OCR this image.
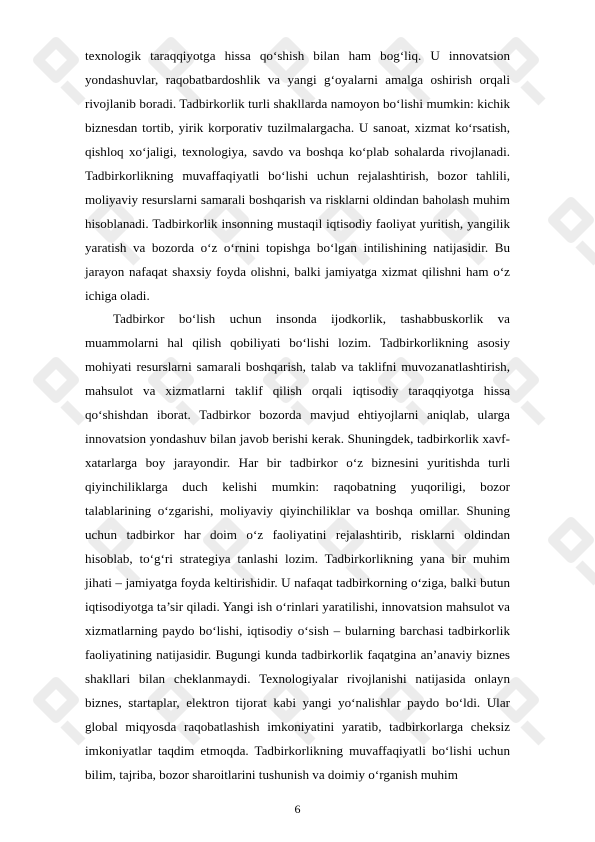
texnologik taraqqiyotga hissa qo‘shish bilan ham bog‘liq. U innovatsion yondashuvlar, raqobatbardoshlik va yangi g‘oyalarni amalga oshirish orqali rivojlanib boradi. Tadbirkorlik turli shakllarda namoyon bo‘lishi mumkin: kichik biznesdan tortib, yirik korporativ tuzilmalargacha. U sanoat, xizmat ko‘rsatish, qishloq xo‘jaligi, texnologiya, savdo va boshqa ko‘plab sohalarda rivojlanadi. Tadbirkorlikning muvaffaqiyatli bo‘lishi uchun rejalashtirish, bozor tahlili, moliyaviy resurslarni samarali boshqarish va risklarni oldindan baholash muhim hisoblanadi. Tadbirkorlik insonning mustaqil iqtisodiy faoliyat yuritish, yangilik yaratish va bozorda o‘z o‘rnini topishga bo‘lgan intilishining natijasidir. Bu jarayon nafaqat shaxsiy foyda olishni, balki jamiyatga xizmat qilishni ham o‘z ichiga oladi.

Tadbirkor bo‘lish uchun insonda ijodkorlik, tashabbuskorlik va muammolarni hal qilish qobiliyati bo‘lishi lozim. Tadbirkorlikning asosiy mohiyati resurslarni samarali boshqarish, talab va taklifni muvozanatlashtirish, mahsulot va xizmatlarni taklif qilish orqali iqtisodiy taraqqiyotga hissa qo‘shishdan iborat. Tadbirkor bozorda mavjud ehtiyojlarni aniqlab, ularga innovatsion yondashuv bilan javob berishi kerak. Shuningdek, tadbirkorlik xavf-xatarlarga boy jarayondir. Har bir tadbirkor o‘z biznesini yuritishda turli qiyinchiliklarga duch kelishi mumkin: raqobatning yuqoriligi, bozor talablarining o‘zgarishi, moliyaviy qiyinchiliklar va boshqa omillar. Shuning uchun tadbirkor har doim o‘z faoliyatini rejalashtirib, risklarni oldindan hisoblab, to‘g‘ri strategiya tanlashi lozim. Tadbirkorlikning yana bir muhim jihati – jamiyatga foyda keltirishidir. U nafaqat tadbirkorning o‘ziga, balki butun iqtisodiyotga ta’sir qiladi. Yangi ish o‘rinlari yaratilishi, innovatsion mahsulot va xizmatlarning paydo bo‘lishi, iqtisodiy o‘sish – bularning barchasi tadbirkorlik faoliyatining natijasidir. Bugungi kunda tadbirkorlik faqatgina an’anaviy biznes shakllari bilan cheklanmaydi. Texnologiyalar rivojlanishi natijasida onlayn biznes, startaplar, elektron tijorat kabi yangi yo‘nalishlar paydo bo‘ldi. Ular global miqyosda raqobatlashish imkoniyatini yaratib, tadbirkorlarga cheksiz imkoniyatlar taqdim etmoqda. Tadbirkorlikning muvaffaqiyatli bo‘lishi uchun bilim, tajriba, bozor sharoitlarini tushunish va doimiy o‘rganish muhim

6
